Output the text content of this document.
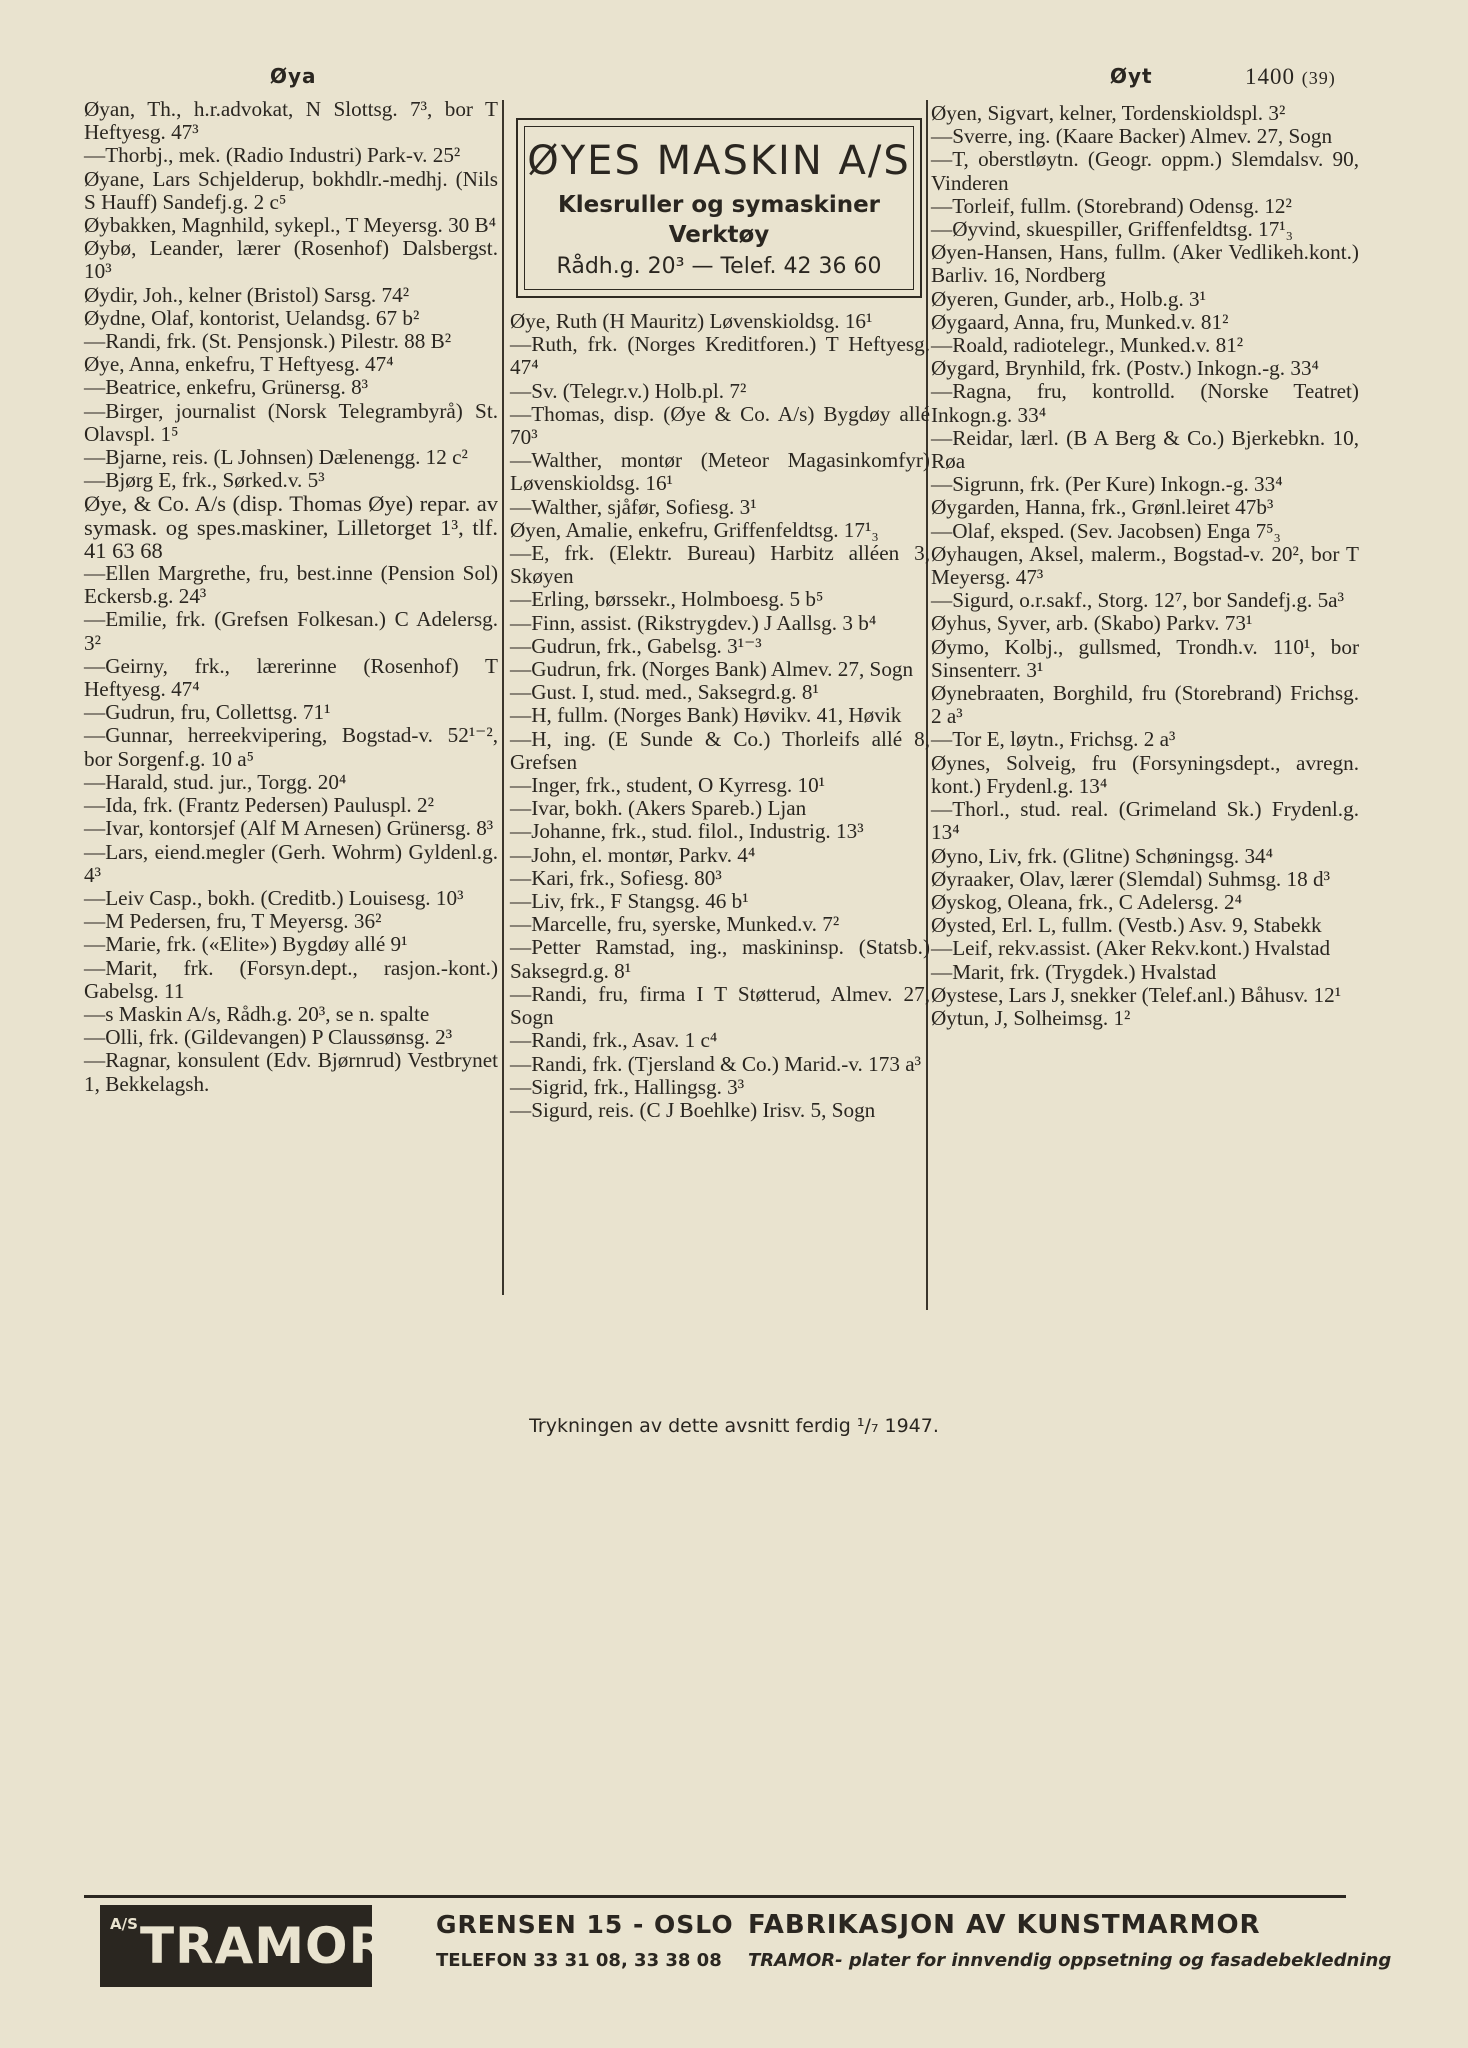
Øya	Øyt	1400 (39)
Øyan, Th., h.r.advokat, N Slottsg. 7³, bor T Heftyesg. 47³
—Thorbj., mek. (Radio Industri) Park-v. 25²
Øyane, Lars Schjelderup, bokhdlr.-medhj. (Nils S Hauff) Sandefj.g. 2 c⁵
Øybakken, Magnhild, sykepl., T Meyersg. 30 B⁴
Øybø, Leander, lærer (Rosenhof) Dalsbergst. 10³
Øydir, Joh., kelner (Bristol) Sarsg. 74²
Øydne, Olaf, kontorist, Uelandsg. 67 b²
—Randi, frk. (St. Pensjonsk.) Pilestr. 88 B²
Øye, Anna, enkefru, T Heftyesg. 47⁴
—Beatrice, enkefru, Grünersg. 8³
—Birger, journalist (Norsk Telegrambyrå) St. Olavspl. 1⁵
—Bjarne, reis. (L Johnsen) Dælenengg. 12 c²
—Bjørg E, frk., Sørked.v. 5³
Øye, & Co. A/s (disp. Thomas Øye) repar. av symask. og spes.maskiner, Lilletorget 1³, tlf. 41 63 68
—Ellen Margrethe, fru, best.inne (Pension Sol) Eckersb.g. 24³
—Emilie, frk. (Grefsen Folkesan.) C Adelersg. 3²
—Geirny, frk., lærerinne (Rosenhof) T Heftyesg. 47⁴
—Gudrun, fru, Collettsg. 71¹
—Gunnar, herreekvipering, Bogstad-v. 52¹⁻², bor Sorgenf.g. 10 a⁵
—Harald, stud. jur., Torgg. 20⁴
—Ida, frk. (Frantz Pedersen) Pauluspl. 2²
—Ivar, kontorsjef (Alf M Arnesen) Grünersg. 8³
—Lars, eiend.megler (Gerh. Wohrm) Gyldenl.g. 4³
—Leiv Casp., bokh. (Creditb.) Louisesg. 10³
—M Pedersen, fru, T Meyersg. 36²
—Marie, frk. («Elite») Bygdøy allé 9¹
—Marit, frk. (Forsyn.dept., rasjon.-kont.) Gabelsg. 11
—s Maskin A/s, Rådh.g. 20³, se n. spalte
—Olli, frk. (Gildevangen) P Claussønsg. 2³
—Ragnar, konsulent (Edv. Bjørnrud) Vestbrynet 1, Bekkelagsh.
ØYES MASKIN A/S
Klesruller og symaskiner
Verktøy
Rådh.g. 20³ — Telef. 42 36 60
Øye, Ruth (H Mauritz) Løvenskioldsg. 16¹
—Ruth, frk. (Norges Kreditforen.) T Heftyesg. 47⁴
—Sv. (Telegr.v.) Holb.pl. 7²
—Thomas, disp. (Øye & Co. A/s) Bygdøy allé 70³
—Walther, montør (Meteor Magasinkomfyr) Løvenskioldsg. 16¹
—Walther, sjåfør, Sofiesg. 3¹
Øyen, Amalie, enkefru, Griffenfeldtsg. 17¹₃
—E, frk. (Elektr. Bureau) Harbitz alléen 3, Skøyen
—Erling, børssekr., Holmboesg. 5 b⁵
—Finn, assist. (Rikstrygdev.) J Aallsg. 3 b⁴
—Gudrun, frk., Gabelsg. 3¹⁻³
—Gudrun, frk. (Norges Bank) Almev. 27, Sogn
—Gust. I, stud. med., Saksegrd.g. 8¹
—H, fullm. (Norges Bank) Høvikv. 41, Høvik
—H, ing. (E Sunde & Co.) Thorleifs allé 8, Grefsen
—Inger, frk., student, O Kyrresg. 10¹
—Ivar, bokh. (Akers Spareb.) Ljan
—Johanne, frk., stud. filol., Industrig. 13³
—John, el. montør, Parkv. 4⁴
—Kari, frk., Sofiesg. 80³
—Liv, frk., F Stangsg. 46 b¹
—Marcelle, fru, syerske, Munked.v. 7²
—Petter Ramstad, ing., maskininsp. (Statsb.) Saksegrd.g. 8¹
—Randi, fru, firma I T Støtterud, Almev. 27, Sogn
—Randi, frk., Asav. 1 c⁴
—Randi, frk. (Tjersland & Co.) Marid.-v. 173 a³
—Sigrid, frk., Hallingsg. 3³
—Sigurd, reis. (C J Boehlke) Irisv. 5, Sogn
Øyen, Sigvart, kelner, Tordenskioldspl. 3²
—Sverre, ing. (Kaare Backer) Almev. 27, Sogn
—T, oberstløytn. (Geogr. oppm.) Slemdalsv. 90, Vinderen
—Torleif, fullm. (Storebrand) Odensg. 12²
—Øyvind, skuespiller, Griffenfeldtsg. 17¹₃
Øyen-Hansen, Hans, fullm. (Aker Vedlikeh.kont.) Barliv. 16, Nordberg
Øyeren, Gunder, arb., Holb.g. 3¹
Øygaard, Anna, fru, Munked.v. 81²
—Roald, radiotelegr., Munked.v. 81²
Øygard, Brynhild, frk. (Postv.) Inkogn.-g. 33⁴
—Ragna, fru, kontrolld. (Norske Teatret) Inkogn.g. 33⁴
—Reidar, lærl. (B A Berg & Co.) Bjerkebkn. 10, Røa
—Sigrunn, frk. (Per Kure) Inkogn.-g. 33⁴
Øygarden, Hanna, frk., Grønl.leiret 47b³
—Olaf, eksped. (Sev. Jacobsen) Enga 7⁵₃
Øyhaugen, Aksel, malerm., Bogstad-v. 20², bor T Meyersg. 47³
—Sigurd, o.r.sakf., Storg. 12⁷, bor Sandefj.g. 5a³
Øyhus, Syver, arb. (Skabo) Parkv. 73¹
Øymo, Kolbj., gullsmed, Trondh.v. 110¹, bor Sinsenterr. 3¹
Øynebraaten, Borghild, fru (Storebrand) Frichsg. 2 a³
—Tor E, løytn., Frichsg. 2 a³
Øynes, Solveig, fru (Forsyningsdept., avregn. kont.) Frydenl.g. 13⁴
—Thorl., stud. real. (Grimeland Sk.) Frydenl.g. 13⁴
Øyno, Liv, frk. (Glitne) Schøningsg. 34⁴
Øyraaker, Olav, lærer (Slemdal) Suhmsg. 18 d³
Øyskog, Oleana, frk., C Adelersg. 2⁴
Øysted, Erl. L, fullm. (Vestb.) Asv. 9, Stabekk
—Leif, rekv.assist. (Aker Rekv.kont.) Hvalstad
—Marit, frk. (Trygdek.) Hvalstad
Øystese, Lars J, snekker (Telef.anl.) Båhusv. 12¹
Øytun, J, Solheimsg. 1²
Trykningen av dette avsnitt ferdig ¹/₇ 1947.
A/S TRAMOR GRENSEN 15 - OSLO
TELEFON 33 31 08, 33 38 08
FABRIKASJON AV KUNSTMARMOR
TRAMOR- plater for innvendig oppsetning og fasadebekledning
